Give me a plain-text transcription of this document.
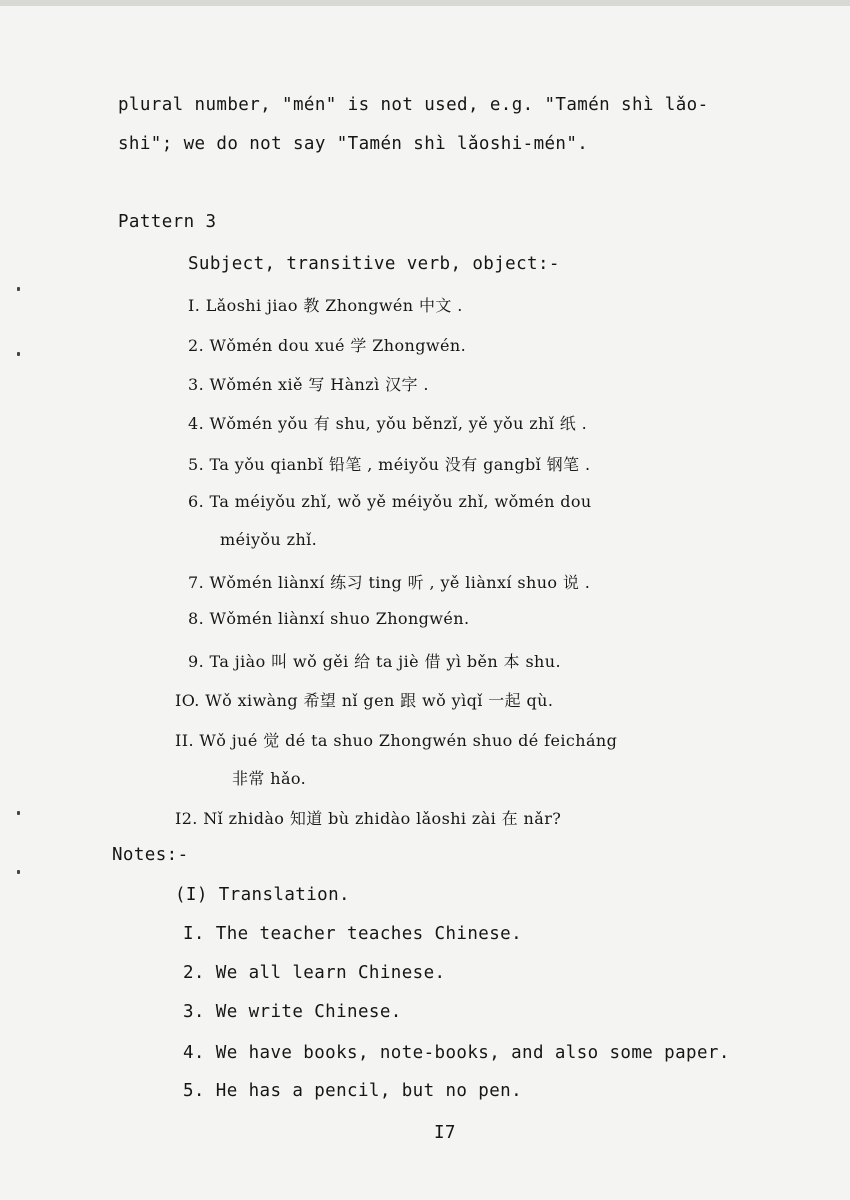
plural number, "mén" is not used, e.g. "Tamén shì lǎo-
shi"; we do not say "Tamén shì lǎoshi-mén".
Pattern 3
Subject, transitive verb, object:-
I. Lǎoshi jiao 教 Zhongwén 中文 .
2. Wǒmén dou xué 学 Zhongwén.
3. Wǒmén xiě 写 Hànzì 汉字 .
4. Wǒmén yǒu 有 shu, yǒu běnzǐ, yě yǒu zhǐ 纸 .
5. Ta yǒu qianbǐ 铅笔 , méiyǒu 没有 gangbǐ 钢笔 .
6. Ta méiyǒu zhǐ, wǒ yě méiyǒu zhǐ, wǒmén dou
méiyǒu zhǐ.
7. Wǒmén liànxí 练习 ting 听 , yě liànxí shuo 说 .
8. Wǒmén liànxí shuo Zhongwén.
9. Ta jiào 叫 wǒ gěi 给 ta jiè 借 yì běn 本 shu.
IO. Wǒ xiwàng 希望 nǐ gen 跟 wǒ yìqǐ 一起 qù.
II. Wǒ jué 觉 dé ta shuo Zhongwén shuo dé feicháng
非常 hǎo.
I2. Nǐ zhidào 知道 bù zhidào lǎoshi zài 在 nǎr?
Notes:-
(I) Translation.
I. The teacher teaches Chinese.
2. We all learn Chinese.
3. We write Chinese.
4. We have books, note-books, and also some paper.
5. He has a pencil, but no pen.
I7
